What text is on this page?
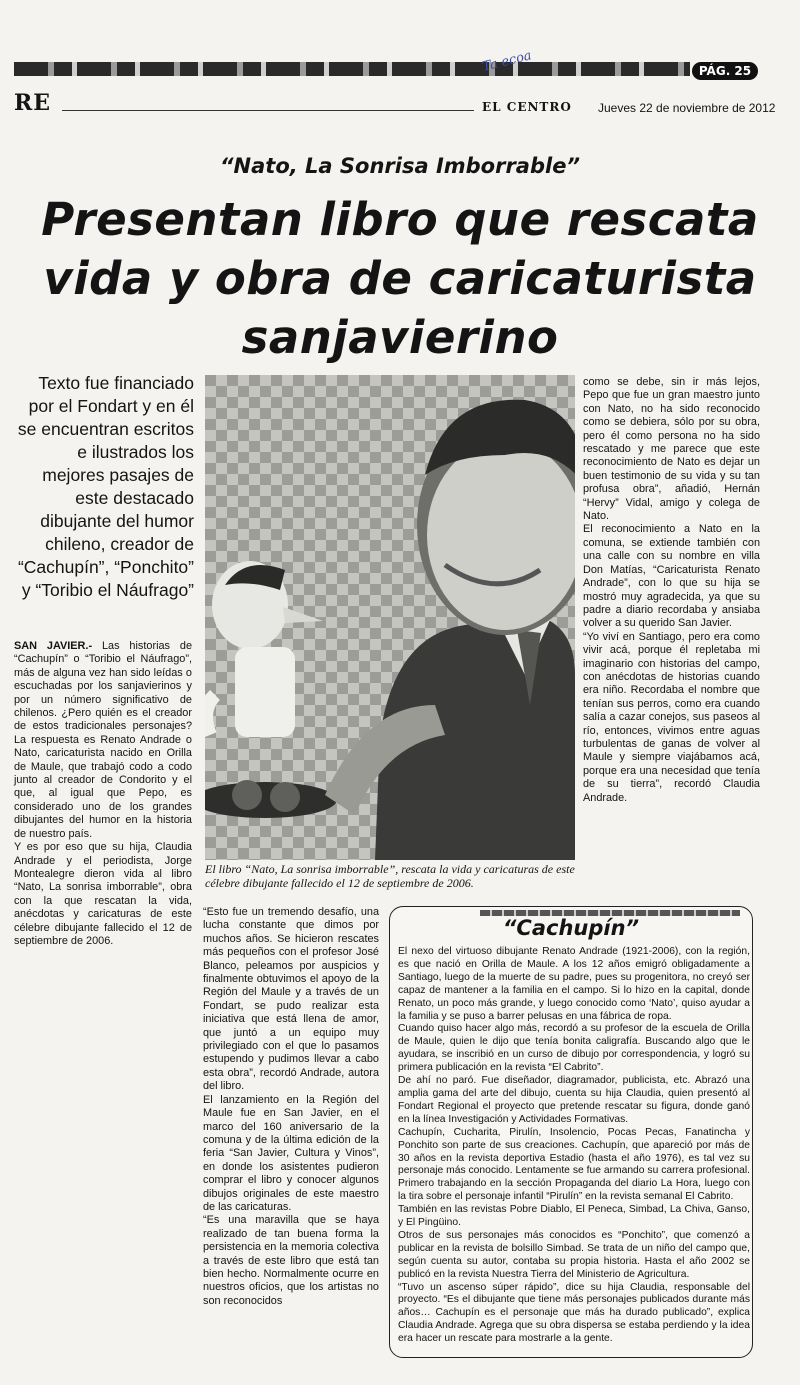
Ta ecoa	PÁG. 25
RE	EL CENTRO Jueves 22 de noviembre de 2012
“Nato, La Sonrisa Imborrable”
Presentan libro que rescata vida y obra de caricaturista sanjavierino
Texto fue financiado por el Fondart y en él se encuentran escritos e ilustrados los mejores pasajes de este destacado dibujante del humor chileno, creador de “Cachupín”, “Ponchito” y “Toribio el Náufrago”

SAN JAVIER.- Las historias de “Cachupín” o “Toribio el Náufrago”, más de alguna vez han sido leídas o escuchadas por los sanjavierinos y por un número significativo de chilenos. ¿Pero quién es el creador de estos tradicionales personajes? La respuesta es Renato Andrade o Nato, caricaturista nacido en Orilla de Maule, que trabajó codo a codo junto al creador de Condorito y el que, al igual que Pepo, es considerado uno de los grandes dibujantes del humor en la historia de nuestro país.

Y es por eso que su hija, Claudia Andrade y el periodista, Jorge Montealegre dieron vida al libro “Nato, La sonrisa imborrable”, obra con la que rescatan la vida, anécdotas y caricaturas de este célebre dibujante fallecido el 12 de septiembre de 2006.

como se debe, sin ir más lejos, Pepo que fue un gran maestro junto con Nato, no ha sido reconocido como se debiera, sólo por su obra, pero él como persona no ha sido rescatado y me parece que este reconocimiento de Nato es dejar un buen testimonio de su vida y su tan profusa obra”, añadió, Hernán “Hervy” Vidal, amigo y colega de Nato.

El reconocimiento a Nato en la comuna, se extiende también con una calle con su nombre en villa Don Matías, “Caricaturista Renato Andrade”, con lo que su hija se mostró muy agradecida, ya que su padre a diario recordaba y ansiaba volver a su querido San Javier.

“Yo viví en Santiago, pero era como vivir acá, porque él repletaba mi imaginario con historias del campo, con anécdotas de historias cuando era niño. Recordaba el nombre que tenían sus perros, como era cuando salía a cazar conejos, sus paseos al río, entonces, vivimos entre aguas turbulentas de ganas de volver al Maule y siempre viajábamos acá, porque era una necesidad que tenía de su tierra”, recordó Claudia Andrade.

El libro “Nato, La sonrisa imborrable”, rescata la vida y caricaturas de este célebre dibujante fallecido el 12 de septiembre de 2006.

“Esto fue un tremendo desafío, una lucha constante que dimos por muchos años. Se hicieron rescates más pequeños con el profesor José Blanco, peleamos por auspicios y finalmente obtuvimos el apoyo de la Región del Maule y a través de un Fondart, se pudo realizar esta iniciativa que está llena de amor, que juntó a un equipo muy privilegiado con el que lo pasamos estupendo y pudimos llevar a cabo esta obra”, recordó Andrade, autora del libro.

El lanzamiento en la Región del Maule fue en San Javier, en el marco del 160 aniversario de la comuna y de la última edición de la feria “San Javier, Cultura y Vinos”, en donde los asistentes pudieron comprar el libro y conocer algunos dibujos originales de este maestro de las caricaturas.

“Es una maravilla que se haya realizado de tan buena forma la persistencia en la memoria colectiva a través de este libro que está tan bien hecho. Normalmente ocurre en nuestros oficios, que los artistas no son reconocidos

“Cachupín”

El nexo del virtuoso dibujante Renato Andrade (1921-2006), con la región, es que nació en Orilla de Maule. A los 12 años emigró obligadamente a Santiago, luego de la muerte de su padre, pues su progenitora, no creyó ser capaz de mantener a la familia en el campo. Si lo hizo en la capital, donde Renato, un poco más grande, y luego conocido como ‘Nato’, quiso ayudar a la familia y se puso a barrer pelusas en una fábrica de ropa.

Cuando quiso hacer algo más, recordó a su profesor de la escuela de Orilla de Maule, quien le dijo que tenía bonita caligrafía. Buscando algo que le ayudara, se inscribió en un curso de dibujo por correspondencia, y logró su primera publicación en la revista “El Cabrito”.

De ahí no paró. Fue diseñador, diagramador, publicista, etc. Abrazó una amplia gama del arte del dibujo, cuenta su hija Claudia, quien presentó al Fondart Regional el proyecto que pretende rescatar su figura, donde ganó en la línea Investigación y Actividades Formativas.

Cachupín, Cucharita, Pirulín, Insolencio, Pocas Pecas, Fanatincha y Ponchito son parte de sus creaciones. Cachupín, que apareció por más de 30 años en la revista deportiva Estadio (hasta el año 1976), es tal vez su personaje más conocido. Lentamente se fue armando su carrera profesional. Primero trabajando en la sección Propaganda del diario La Hora, luego con la tira sobre el personaje infantil “Pirulín” en la revista semanal El Cabrito.

También en las revistas Pobre Diablo, El Peneca, Simbad, La Chiva, Ganso, y El Pingüino.

Otros de sus personajes más conocidos es “Ponchito”, que comenzó a publicar en la revista de bolsillo Simbad. Se trata de un niño del campo que, según cuenta su autor, contaba su propia historia. Hasta el año 2002 se publicó en la revista Nuestra Tierra del Ministerio de Agricultura.

“Tuvo un ascenso súper rápido”, dice su hija Claudia, responsable del proyecto. “Es el dibujante que tiene más personajes publicados durante más años… Cachupín es el personaje que más ha durado publicado”, explica Claudia Andrade. Agrega que su obra dispersa se estaba perdiendo y la idea era hacer un rescate para mostrarle a la gente.
